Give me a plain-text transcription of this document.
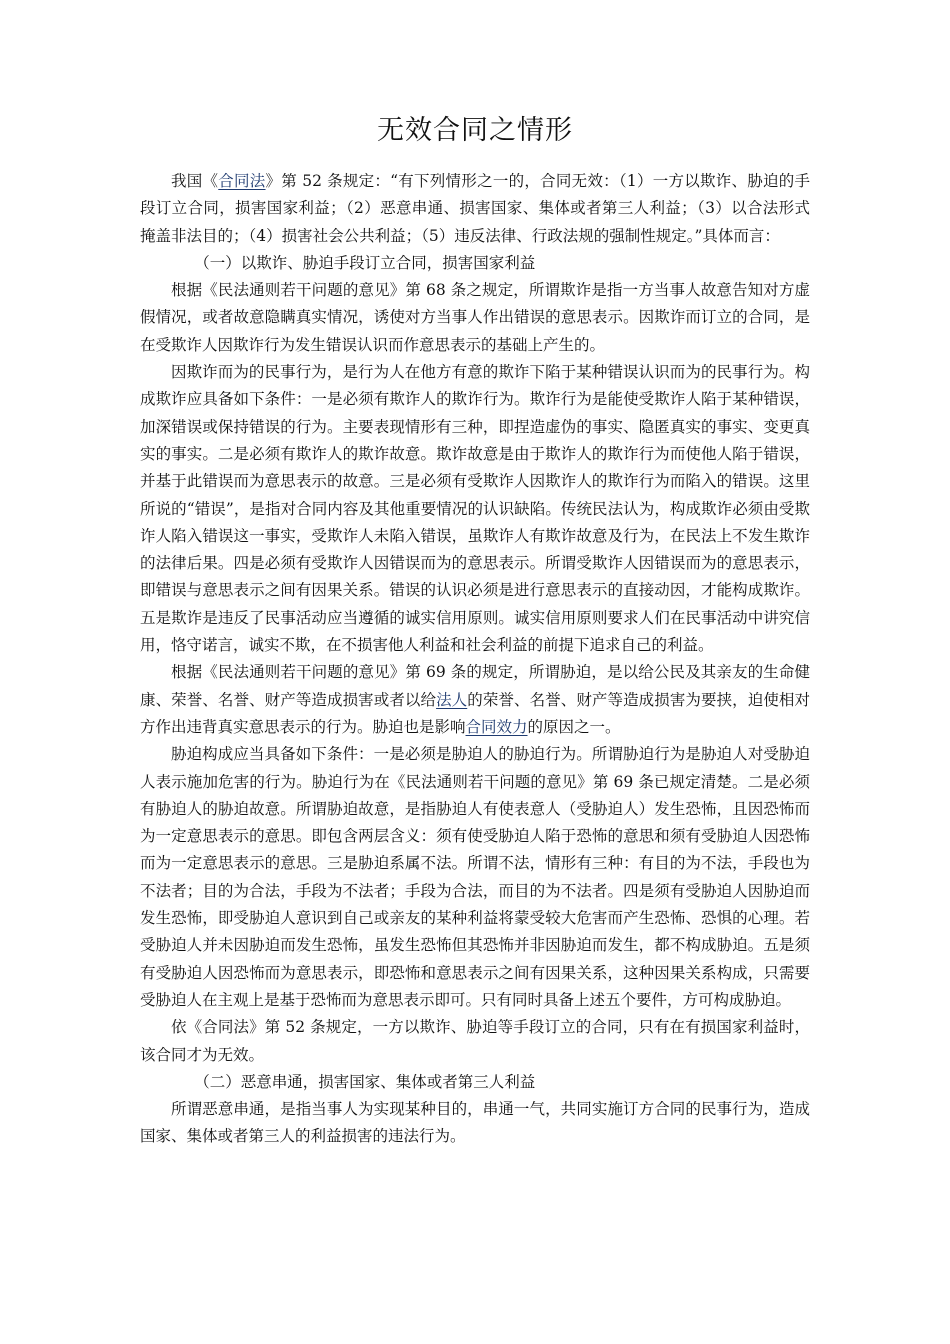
无效合同之情形

我国《合同法》第 52 条规定：“有下列情形之一的，合同无效：（1）一方以欺诈、胁迫的手段订立合同，损害国家利益；（2）恶意串通、损害国家、集体或者第三人利益；（3）以合法形式掩盖非法目的；（4）损害社会公共利益；（5）违反法律、行政法规的强制性规定。”具体而言：

（一）以欺诈、胁迫手段订立合同，损害国家利益

根据《民法通则若干问题的意见》第 68 条之规定，所谓欺诈是指一方当事人故意告知对方虚假情况，或者故意隐瞒真实情况，诱使对方当事人作出错误的意思表示。因欺诈而订立的合同，是在受欺诈人因欺诈行为发生错误认识而作意思表示的基础上产生的。

因欺诈而为的民事行为，是行为人在他方有意的欺诈下陷于某种错误认识而为的民事行为。构成欺诈应具备如下条件：一是必须有欺诈人的欺诈行为。欺诈行为是能使受欺诈人陷于某种错误，加深错误或保持错误的行为。主要表现情形有三种，即捏造虚伪的事实、隐匿真实的事实、变更真实的事实。二是必须有欺诈人的欺诈故意。欺诈故意是由于欺诈人的欺诈行为而使他人陷于错误，并基于此错误而为意思表示的故意。三是必须有受欺诈人因欺诈人的欺诈行为而陷入的错误。这里所说的“错误”，是指对合同内容及其他重要情况的认识缺陷。传统民法认为，构成欺诈必须由受欺诈人陷入错误这一事实，受欺诈人未陷入错误，虽欺诈人有欺诈故意及行为，在民法上不发生欺诈的法律后果。四是必须有受欺诈人因错误而为的意思表示。所谓受欺诈人因错误而为的意思表示，即错误与意思表示之间有因果关系。错误的认识必须是进行意思表示的直接动因，才能构成欺诈。五是欺诈是违反了民事活动应当遵循的诚实信用原则。诚实信用原则要求人们在民事活动中讲究信用，恪守诺言，诚实不欺，在不损害他人利益和社会利益的前提下追求自己的利益。

根据《民法通则若干问题的意见》第 69 条的规定，所谓胁迫，是以给公民及其亲友的生命健康、荣誉、名誉、财产等造成损害或者以给法人的荣誉、名誉、财产等造成损害为要挟，迫使相对方作出违背真实意思表示的行为。胁迫也是影响合同效力的原因之一。

胁迫构成应当具备如下条件：一是必须是胁迫人的胁迫行为。所谓胁迫行为是胁迫人对受胁迫人表示施加危害的行为。胁迫行为在《民法通则若干问题的意见》第 69 条已规定清楚。二是必须有胁迫人的胁迫故意。所谓胁迫故意，是指胁迫人有使表意人（受胁迫人）发生恐怖，且因恐怖而为一定意思表示的意思。即包含两层含义：须有使受胁迫人陷于恐怖的意思和须有受胁迫人因恐怖而为一定意思表示的意思。三是胁迫系属不法。所谓不法，情形有三种：有目的为不法，手段也为不法者；目的为合法，手段为不法者；手段为合法，而目的为不法者。四是须有受胁迫人因胁迫而发生恐怖，即受胁迫人意识到自己或亲友的某种利益将蒙受较大危害而产生恐怖、恐惧的心理。若受胁迫人并未因胁迫而发生恐怖，虽发生恐怖但其恐怖并非因胁迫而发生，都不构成胁迫。五是须有受胁迫人因恐怖而为意思表示，即恐怖和意思表示之间有因果关系，这种因果关系构成，只需要受胁迫人在主观上是基于恐怖而为意思表示即可。只有同时具备上述五个要件，方可构成胁迫。

依《合同法》第 52 条规定，一方以欺诈、胁迫等手段订立的合同，只有在有损国家利益时，该合同才为无效。

（二）恶意串通，损害国家、集体或者第三人利益

所谓恶意串通，是指当事人为实现某种目的，串通一气，共同实施订方合同的民事行为，造成国家、集体或者第三人的利益损害的违法行为。
